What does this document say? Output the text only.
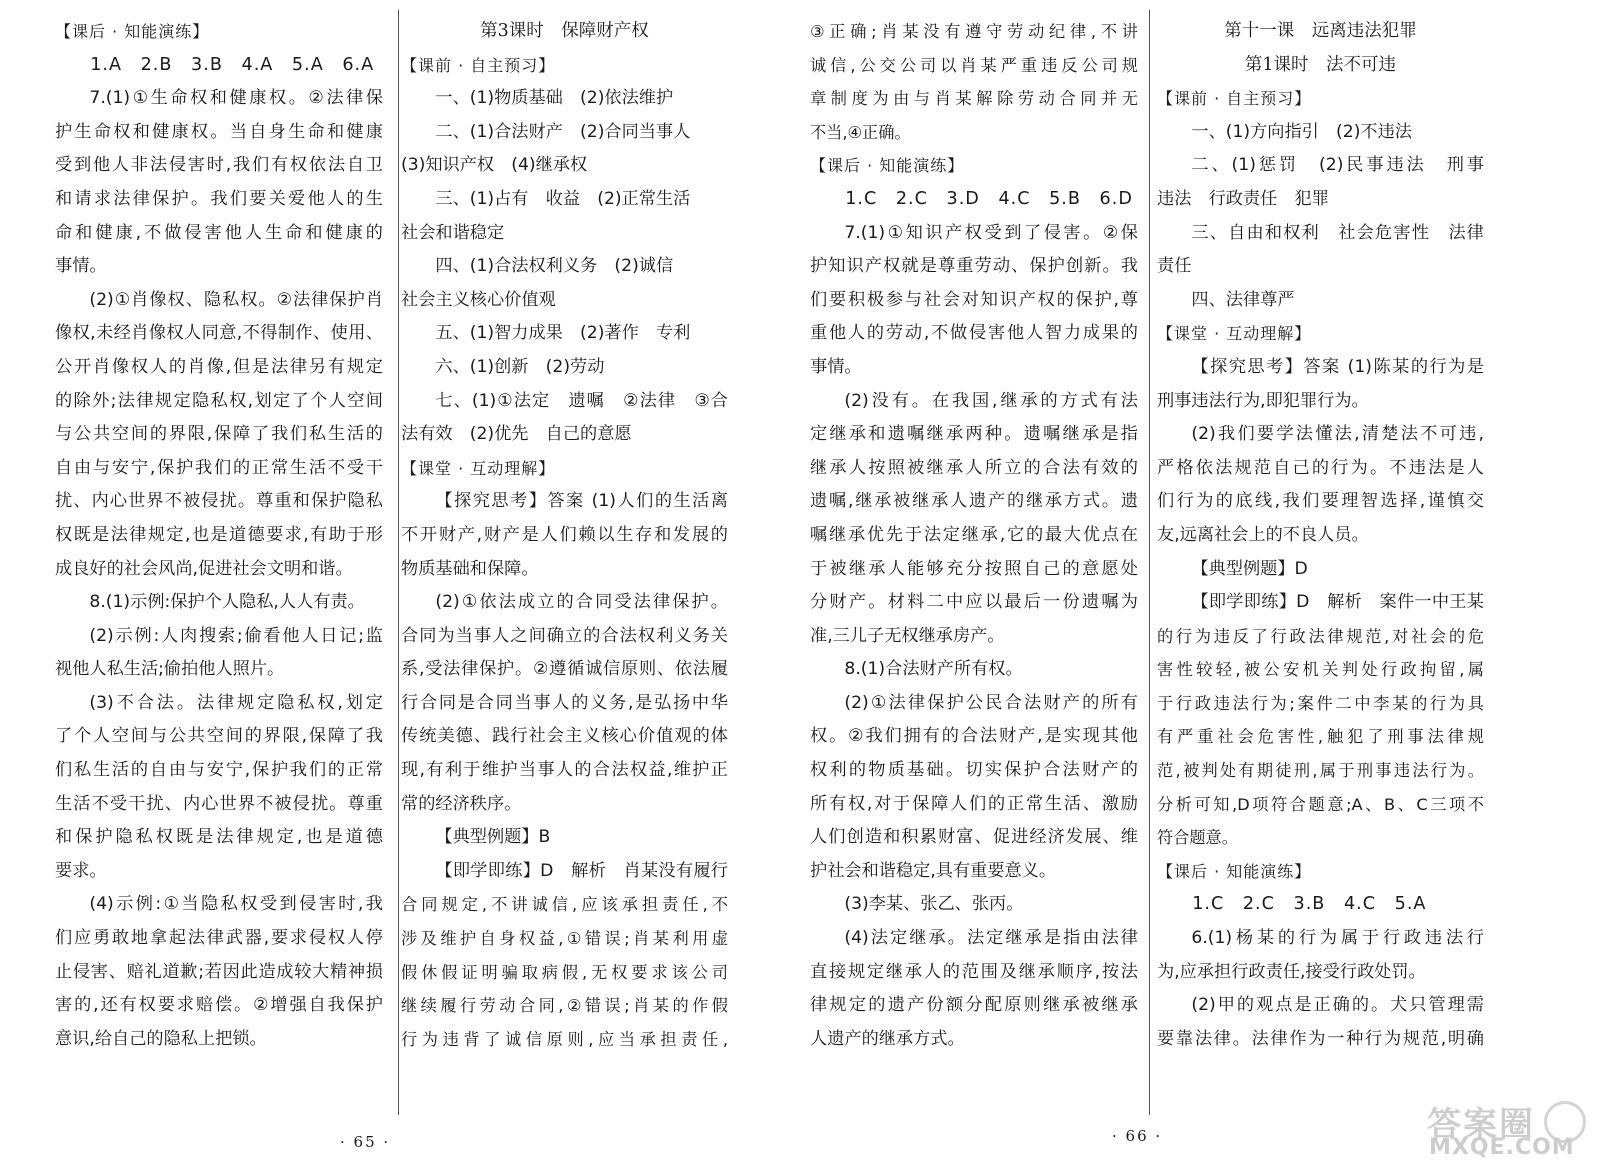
【课后 · 知能演练】
1.A　2.B　3.B　4.A　5.A　6.A
7.(1)①生命权和健康权。②法律保
护生命权和健康权。当自身生命和健康
受到他人非法侵害时,我们有权依法自卫
和请求法律保护。我们要关爱他人的生
命和健康,不做侵害他人生命和健康的
事情。
(2)①肖像权、隐私权。②法律保护肖
像权,未经肖像权人同意,不得制作、使用、
公开肖像权人的肖像,但是法律另有规定
的除外;法律规定隐私权,划定了个人空间
与公共空间的界限,保障了我们私生活的
自由与安宁,保护我们的正常生活不受干
扰、内心世界不被侵扰。尊重和保护隐私
权既是法律规定,也是道德要求,有助于形
成良好的社会风尚,促进社会文明和谐。
8.(1)示例:保护个人隐私,人人有责。
(2)示例:人肉搜索;偷看他人日记;监
视他人私生活;偷拍他人照片。
(3)不合法。法律规定隐私权,划定
了个人空间与公共空间的界限,保障了我
们私生活的自由与安宁,保护我们的正常
生活不受干扰、内心世界不被侵扰。尊重
和保护隐私权既是法律规定,也是道德
要求。
(4)示例:①当隐私权受到侵害时,我
们应勇敢地拿起法律武器,要求侵权人停
止侵害、赔礼道歉;若因此造成较大精神损
害的,还有权要求赔偿。②增强自我保护
意识,给自己的隐私上把锁。
第3课时　保障财产权
【课前 · 自主预习】
一、(1)物质基础　(2)依法维护
二、(1)合法财产　(2)合同当事人
(3)知识产权　(4)继承权
三、(1)占有　收益　(2)正常生活
社会和谐稳定
四、(1)合法权利义务　(2)诚信
社会主义核心价值观
五、(1)智力成果　(2)著作　专利
六、(1)创新　(2)劳动
七、(1)①法定　遗嘱　②法律　③合
法有效　(2)优先　自己的意愿
【课堂 · 互动理解】
【探究思考】答案 (1)人们的生活离
不开财产,财产是人们赖以生存和发展的
物质基础和保障。
(2)①依法成立的合同受法律保护。
合同为当事人之间确立的合法权利义务关
系,受法律保护。②遵循诚信原则、依法履
行合同是合同当事人的义务,是弘扬中华
传统美德、践行社会主义核心价值观的体
现,有利于维护当事人的合法权益,维护正
常的经济秩序。
【典型例题】B
【即学即练】D　解析　肖某没有履行
合同规定,不讲诚信,应该承担责任,不
涉及维护自身权益,①错误;肖某利用虚
假休假证明骗取病假,无权要求该公司
继续履行劳动合同,②错误;肖某的作假
行为违背了诚信原则,应当承担责任,
· 65 ·
③正确;肖某没有遵守劳动纪律,不讲
诚信,公交公司以肖某严重违反公司规
章制度为由与肖某解除劳动合同并无
不当,④正确。
【课后 · 知能演练】
1.C　2.C　3.D　4.C　5.B　6.D
7.(1)①知识产权受到了侵害。②保
护知识产权就是尊重劳动、保护创新。我
们要积极参与社会对知识产权的保护,尊
重他人的劳动,不做侵害他人智力成果的
事情。
(2)没有。在我国,继承的方式有法
定继承和遗嘱继承两种。遗嘱继承是指
继承人按照被继承人所立的合法有效的
遗嘱,继承被继承人遗产的继承方式。遗
嘱继承优先于法定继承,它的最大优点在
于被继承人能够充分按照自己的意愿处
分财产。材料二中应以最后一份遗嘱为
准,三儿子无权继承房产。
8.(1)合法财产所有权。
(2)①法律保护公民合法财产的所有
权。②我们拥有的合法财产,是实现其他
权利的物质基础。切实保护合法财产的
所有权,对于保障人们的正常生活、激励
人们创造和积累财富、促进经济发展、维
护社会和谐稳定,具有重要意义。
(3)李某、张乙、张丙。
(4)法定继承。法定继承是指由法律
直接规定继承人的范围及继承顺序,按法
律规定的遗产份额分配原则继承被继承
人遗产的继承方式。
第十一课　远离违法犯罪
第1课时　法不可违
【课前 · 自主预习】
一、(1)方向指引　(2)不违法
二、(1)惩罚　(2)民事违法　刑事
违法　行政责任　犯罪
三、自由和权利　社会危害性　法律
责任
四、法律尊严
【课堂 · 互动理解】
【探究思考】答案 (1)陈某的行为是
刑事违法行为,即犯罪行为。
(2)我们要学法懂法,清楚法不可违,
严格依法规范自己的行为。不违法是人
们行为的底线,我们要理智选择,谨慎交
友,远离社会上的不良人员。
【典型例题】D
【即学即练】D　解析　案件一中王某
的行为违反了行政法律规范,对社会的危
害性较轻,被公安机关判处行政拘留,属
于行政违法行为;案件二中李某的行为具
有严重社会危害性,触犯了刑事法律规
范,被判处有期徒刑,属于刑事违法行为。
分析可知,D项符合题意;A、B、C三项不
符合题意。
【课后 · 知能演练】
1.C　2.C　3.B　4.C　5.A
6.(1)杨某的行为属于行政违法行
为,应承担行政责任,接受行政处罚。
(2)甲的观点是正确的。犬只管理需
要靠法律。法律作为一种行为规范,明确
· 66 ·	答案圈
MXQE.COM
